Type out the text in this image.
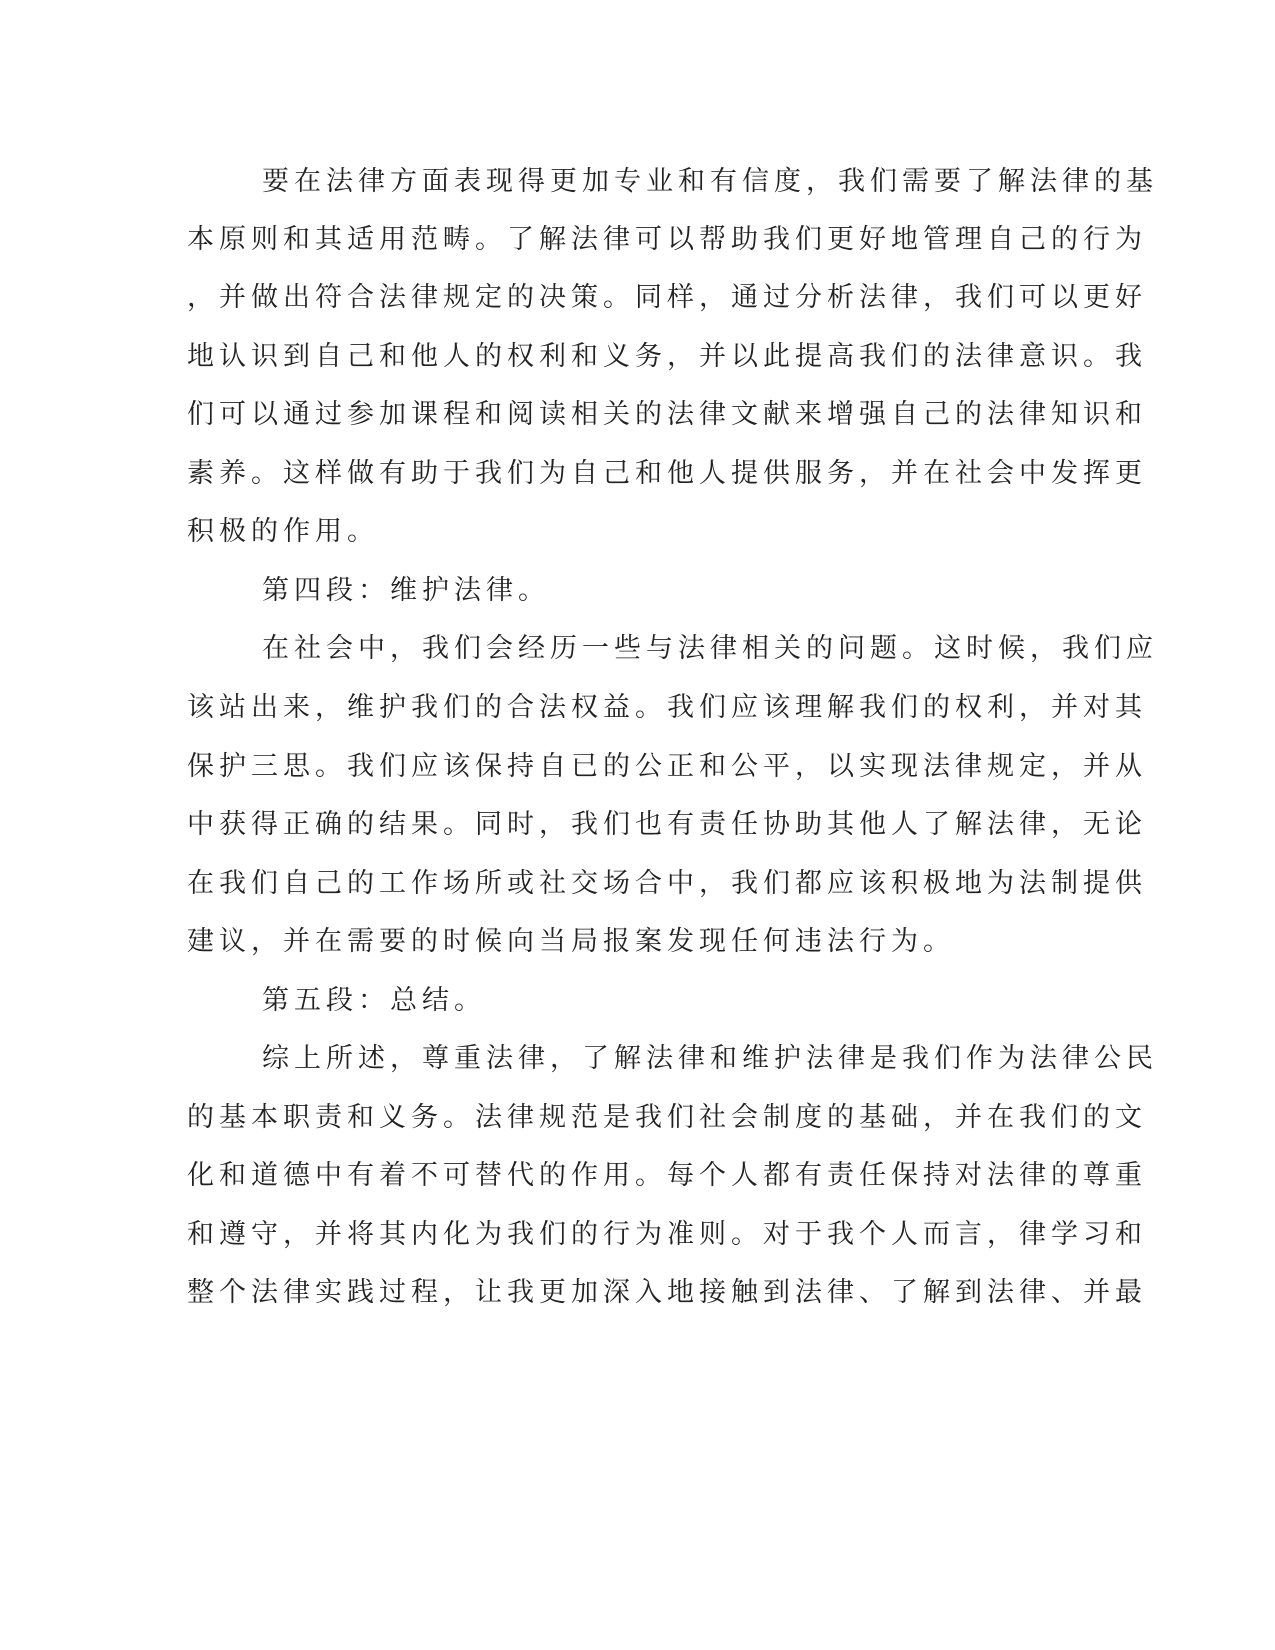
要在法律方面表现得更加专业和有信度，我们需要了解法律的基
本原则和其适用范畴。了解法律可以帮助我们更好地管理自己的行为
，并做出符合法律规定的决策。同样，通过分析法律，我们可以更好
地认识到自己和他人的权利和义务，并以此提高我们的法律意识。我
们可以通过参加课程和阅读相关的法律文献来增强自己的法律知识和
素养。这样做有助于我们为自己和他人提供服务，并在社会中发挥更
积极的作用。
第四段：维护法律。
在社会中，我们会经历一些与法律相关的问题。这时候，我们应
该站出来，维护我们的合法权益。我们应该理解我们的权利，并对其
保护三思。我们应该保持自已的公正和公平，以实现法律规定，并从
中获得正确的结果。同时，我们也有责任协助其他人了解法律，无论
在我们自己的工作场所或社交场合中，我们都应该积极地为法制提供
建议，并在需要的时候向当局报案发现任何违法行为。
第五段：总结。
综上所述，尊重法律，了解法律和维护法律是我们作为法律公民
的基本职责和义务。法律规范是我们社会制度的基础，并在我们的文
化和道德中有着不可替代的作用。每个人都有责任保持对法律的尊重
和遵守，并将其内化为我们的行为准则。对于我个人而言，律学习和
整个法律实践过程，让我更加深入地接触到法律、了解到法律、并最
